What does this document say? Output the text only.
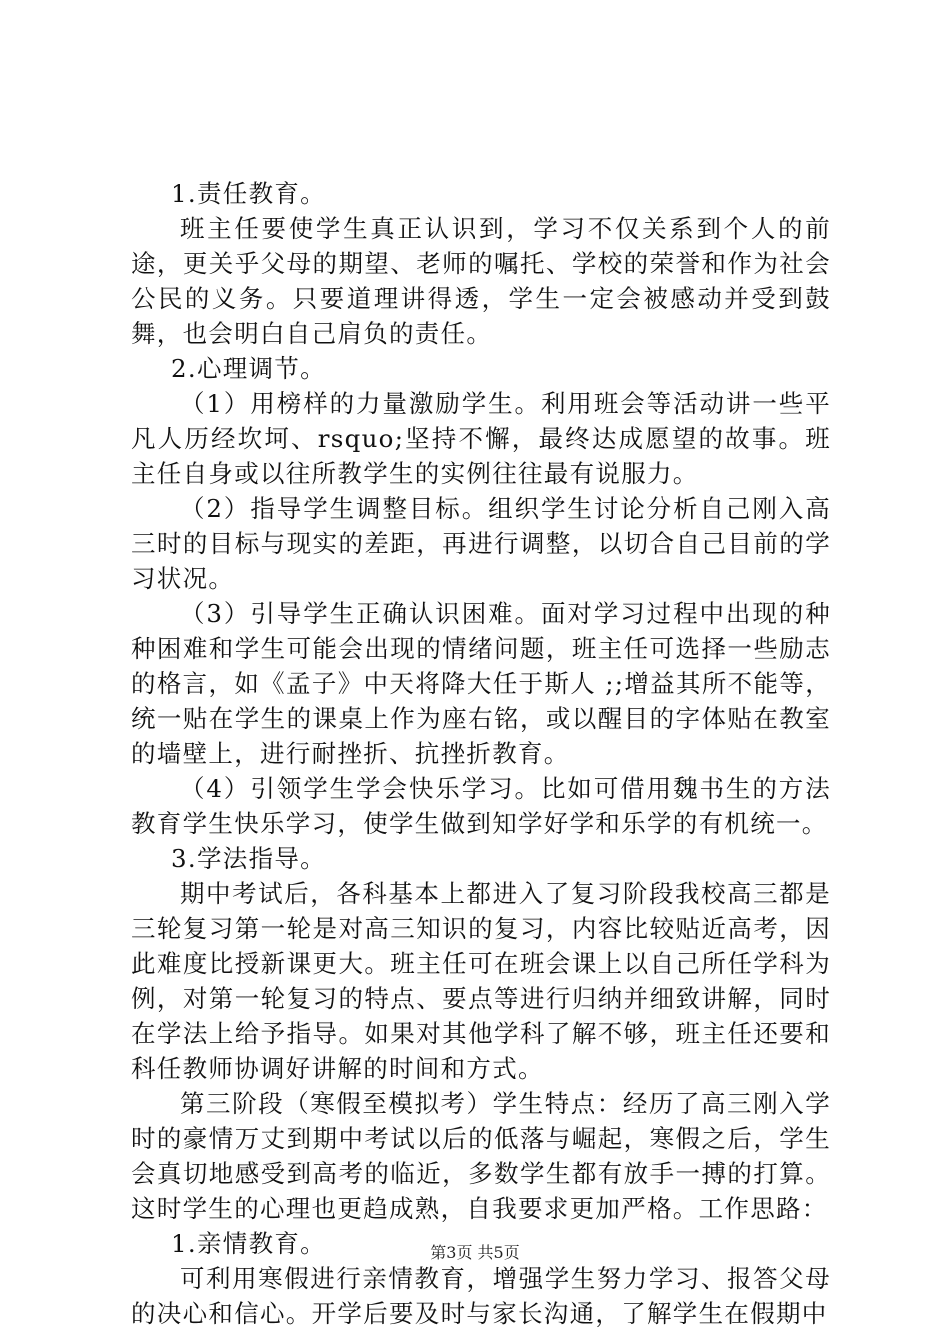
1.责任教育。

班主任要使学生真正认识到，学习不仅关系到个人的前途，更关乎父母的期望、老师的嘱托、学校的荣誉和作为社会公民的义务。只要道理讲得透，学生一定会被感动并受到鼓舞，也会明白自己肩负的责任。

2.心理调节。

（1）用榜样的力量激励学生。利用班会等活动讲一些平凡人历经坎坷、rsquo;坚持不懈，最终达成愿望的故事。班主任自身或以往所教学生的实例往往最有说服力。

（2）指导学生调整目标。组织学生讨论分析自己刚入高三时的目标与现实的差距，再进行调整，以切合自己目前的学习状况。

（3）引导学生正确认识困难。面对学习过程中出现的种种困难和学生可能会出现的情绪问题，班主任可选择一些励志的格言，如《孟子》中天将降大任于斯人 ;;增益其所不能等，统一贴在学生的课桌上作为座右铭，或以醒目的字体贴在教室的墙壁上，进行耐挫折、抗挫折教育。

（4）引领学生学会快乐学习。比如可借用魏书生的方法教育学生快乐学习，使学生做到知学好学和乐学的有机统一。

3.学法指导。

期中考试后，各科基本上都进入了复习阶段我校高三都是三轮复习第一轮是对高三知识的复习，内容比较贴近高考，因此难度比授新课更大。班主任可在班会课上以自己所任学科为例，对第一轮复习的特点、要点等进行归纳并细致讲解，同时在学法上给予指导。如果对其他学科了解不够，班主任还要和科任教师协调好讲解的时间和方式。

第三阶段（寒假至模拟考）学生特点：经历了高三刚入学时的豪情万丈到期中考试以后的低落与崛起，寒假之后，学生会真切地感受到高考的临近，多数学生都有放手一搏的打算。这时学生的心理也更趋成熟，自我要求更加严格。工作思路：

1.亲情教育。

可利用寒假进行亲情教育，增强学生努力学习、报答父母的决心和信心。开学后要及时与家长沟通，了解学生在假期中

第3页 共5页
